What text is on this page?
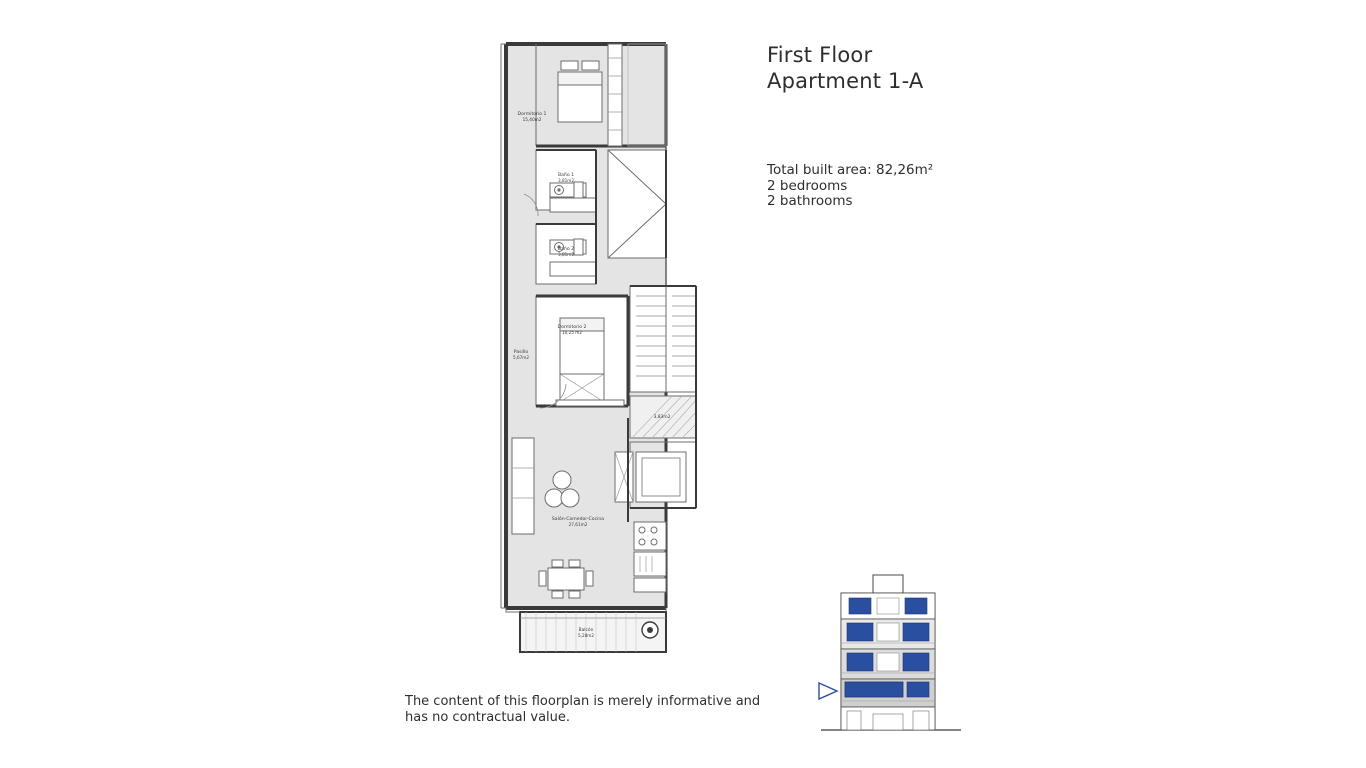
First Floor
Apartment 1-A
Total built area: 82,26m²
2 bedrooms
2 bathrooms
The content of this floorplan is merely informative and
has no contractual value.
Dormitorio 1
15,40m2
Baño 1
3,81m2
Baño 2
3,81m2
Pasillo
5,67m2
Dormitorio 2
10,25 m2
3,83m2
Salón-Comedor-Cocina
27,61m2
Balcón
5,28m2
